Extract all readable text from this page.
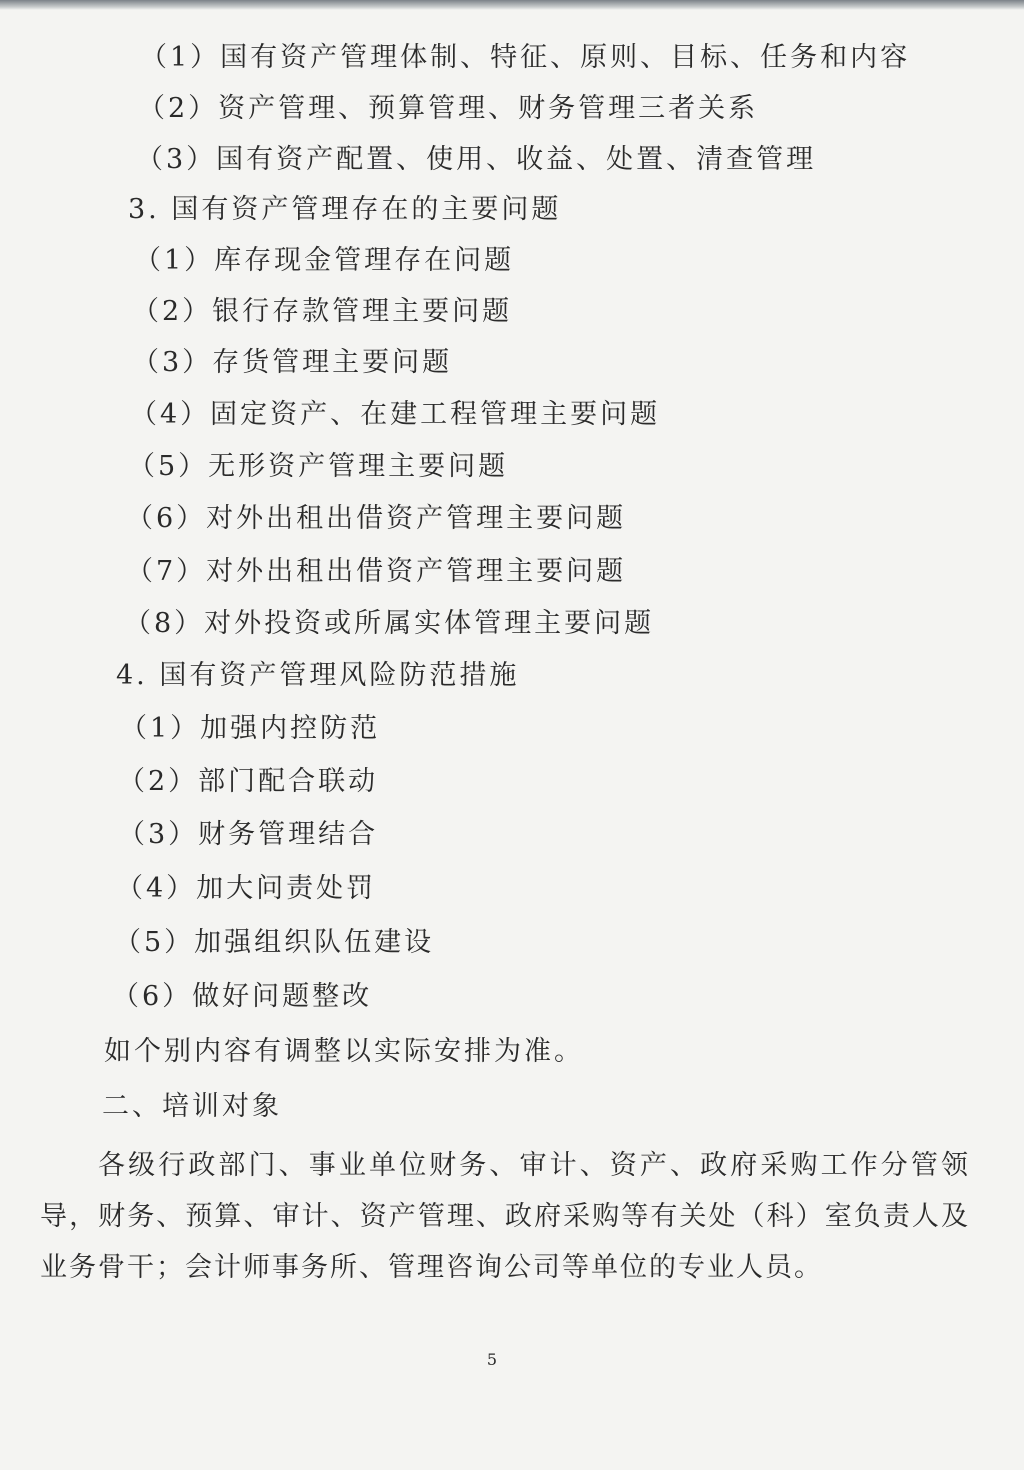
（1）国有资产管理体制、特征、原则、目标、任务和内容
（2）资产管理、预算管理、财务管理三者关系
（3）国有资产配置、使用、收益、处置、清查管理
3. 国有资产管理存在的主要问题
（1）库存现金管理存在问题
（2）银行存款管理主要问题
（3）存货管理主要问题
（4）固定资产、在建工程管理主要问题
（5）无形资产管理主要问题
（6）对外出租出借资产管理主要问题
（7）对外出租出借资产管理主要问题
（8）对外投资或所属实体管理主要问题
4. 国有资产管理风险防范措施
（1）加强内控防范
（2）部门配合联动
（3）财务管理结合
（4）加大问责处罚
（5）加强组织队伍建设
（6）做好问题整改
如个别内容有调整以实际安排为准。
二、培训对象
各级行政部门、事业单位财务、审计、资产、政府采购工作分管领导，财务、预算、审计、资产管理、政府采购等有关处（科）室负责人及业务骨干；会计师事务所、管理咨询公司等单位的专业人员。
5
